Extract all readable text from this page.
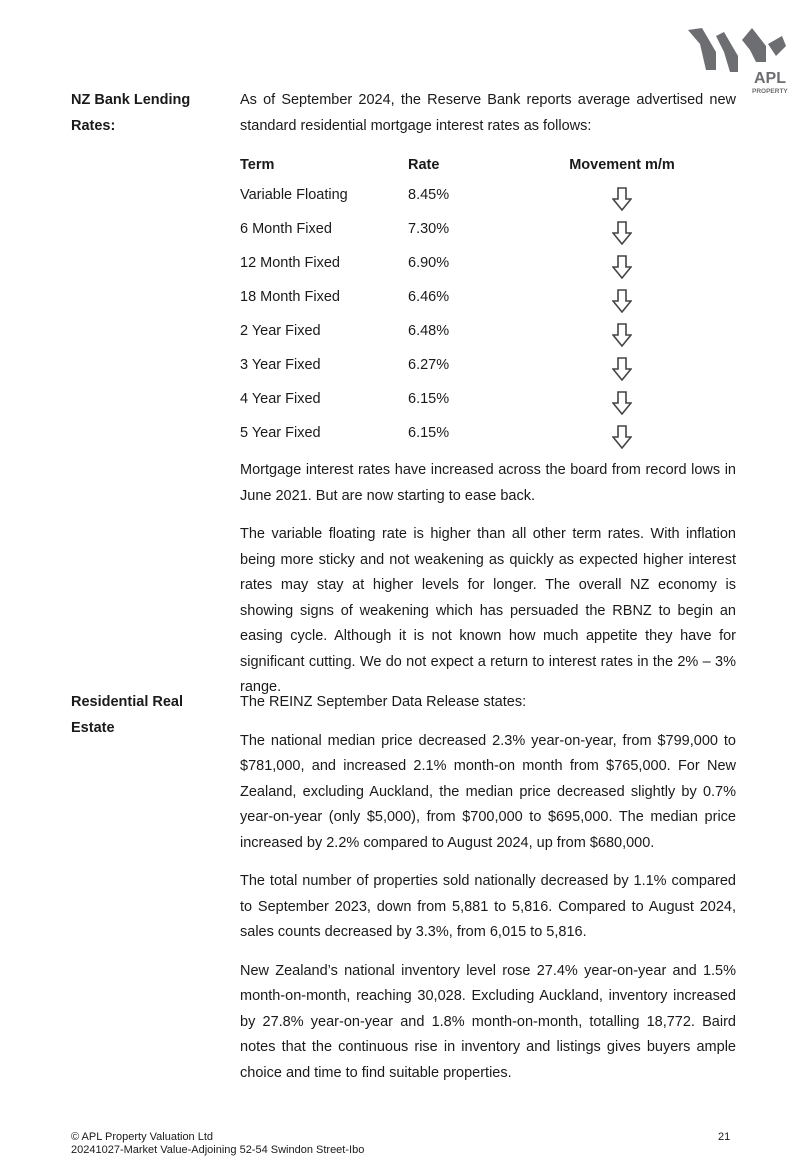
APL
PROPERTY
NZ Bank Lending
Rates:

As of September 2024, the Reserve Bank reports average advertised new standard residential mortgage interest rates as follows:

Term	Rate	Movement m/m
Variable Floating	8.45%	
6 Month Fixed	7.30%	
12 Month Fixed	6.90%	
18 Month Fixed	6.46%	
2 Year Fixed	6.48%	
3 Year Fixed	6.27%	
4 Year Fixed	6.15%	
5 Year Fixed	6.15%	

Mortgage interest rates have increased across the board from record lows in June 2021. But are now starting to ease back.

The variable floating rate is higher than all other term rates. With inflation being more sticky and not weakening as quickly as expected higher interest rates may stay at higher levels for longer. The overall NZ economy is showing signs of weakening which has persuaded the RBNZ to begin an easing cycle. Although it is not known how much appetite they have for significant cutting. We do not expect a return to interest rates in the 2% – 3% range.

Residential Real
Estate

The REINZ September Data Release states:

The national median price decreased 2.3% year-on-year, from $799,000 to $781,000, and increased 2.1% month-on month from $765,000. For New Zealand, excluding Auckland, the median price decreased slightly by 0.7% year-on-year (only $5,000), from $700,000 to $695,000. The median price increased by 2.2% compared to August 2024, up from $680,000.

The total number of properties sold nationally decreased by 1.1% compared to September 2023, down from 5,881 to 5,816. Compared to August 2024, sales counts decreased by 3.3%, from 6,015 to 5,816.

New Zealand’s national inventory level rose 27.4% year-on-year and 1.5% month-on-month, reaching 30,028. Excluding Auckland, inventory increased by 27.8% year-on-year and 1.8% month-on-month, totalling 18,772. Baird notes that the continuous rise in inventory and listings gives buyers ample choice and time to find suitable properties.

© APL Property Valuation Ltd
20241027-Market Value-Adjoining 52-54 Swindon Street-Ibo
21
